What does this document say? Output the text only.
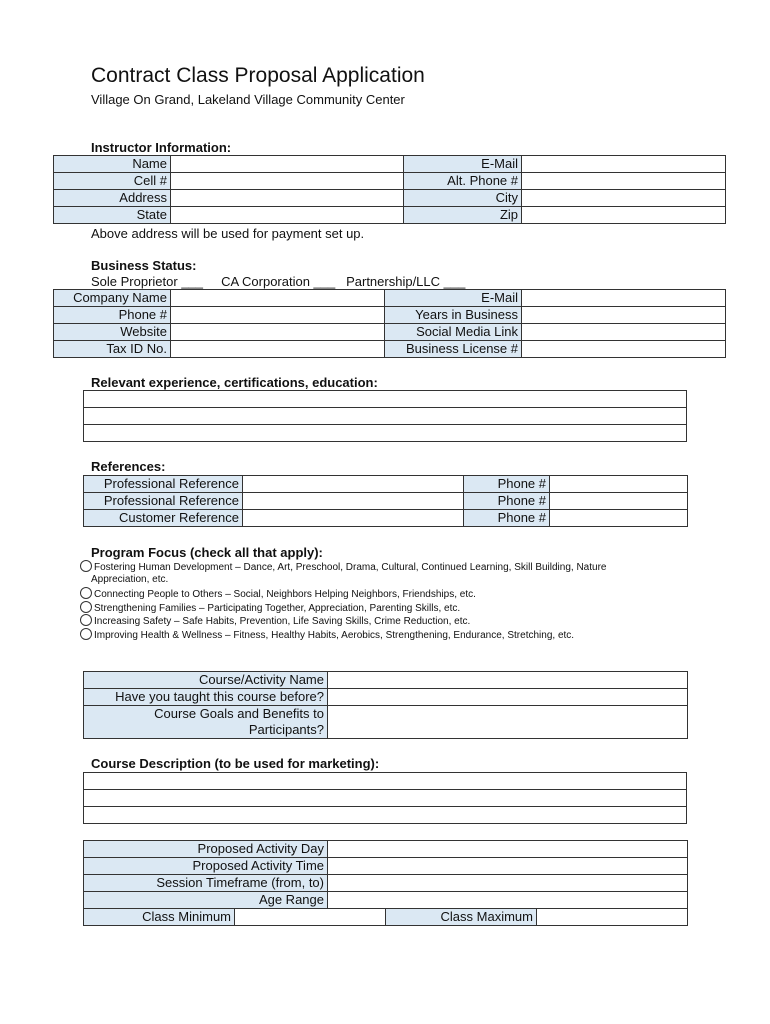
Contract Class Proposal Application
Village On Grand, Lakeland Village Community Center
Instructor Information:
Name		E-Mail	
Cell #		Alt. Phone #	
Address		City	
State		Zip	
Above address will be used for payment set up.
Business Status:
Sole Proprietor ___     CA Corporation ___   Partnership/LLC ___
Company Name		E-Mail	
Phone #		Years in Business	
Website		Social Media Link	
Tax ID No.		Business License #	
Relevant experience, certifications, education:

References:
Professional Reference		Phone #	
Professional Reference		Phone #	
Customer Reference		Phone #	
Program Focus (check all that apply):
Fostering Human Development – Dance, Art, Preschool, Drama, Cultural, Continued Learning, Skill Building, Nature
Appreciation, etc.
Connecting People to Others – Social, Neighbors Helping Neighbors, Friendships, etc.
Strengthening Families – Participating Together, Appreciation, Parenting Skills, etc.
Increasing Safety – Safe Habits, Prevention, Life Saving Skills, Crime Reduction, etc.
Improving Health & Wellness – Fitness, Healthy Habits, Aerobics, Strengthening, Endurance, Stretching, etc.
Course/Activity Name	
Have you taught this course before?	
Course Goals and Benefits to
Participants?	
Course Description (to be used for marketing):

Proposed Activity Day	
Proposed Activity Time	
Session Timeframe (from, to)	
Age Range	
Class Minimum		Class Maximum	
